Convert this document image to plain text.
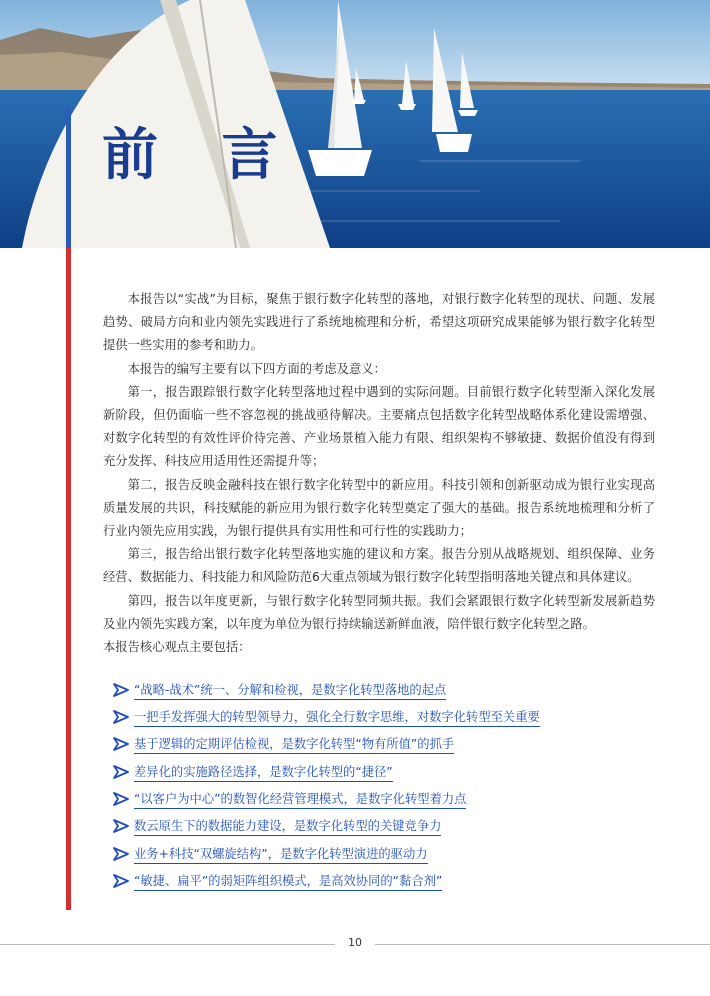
前 言

本报告以“实战”为目标，聚焦于银行数字化转型的落地，对银行数字化转型的现状、问题、发展趋势、破局方向和业内领先实践进行了系统地梳理和分析，希望这项研究成果能够为银行数字化转型提供一些实用的参考和助力。

本报告的编写主要有以下四方面的考虑及意义：

第一，报告跟踪银行数字化转型落地过程中遇到的实际问题。目前银行数字化转型渐入深化发展新阶段，但仍面临一些不容忽视的挑战亟待解决。主要痛点包括数字化转型战略体系化建设需增强、对数字化转型的有效性评价待完善、产业场景植入能力有限、组织架构不够敏捷、数据价值没有得到充分发挥、科技应用适用性还需提升等；

第二，报告反映金融科技在银行数字化转型中的新应用。科技引领和创新驱动成为银行业实现高质量发展的共识，科技赋能的新应用为银行数字化转型奠定了强大的基础。报告系统地梳理和分析了行业内领先应用实践，为银行提供具有实用性和可行性的实践助力；

第三，报告给出银行数字化转型落地实施的建议和方案。报告分别从战略规划、组织保障、业务经营、数据能力、科技能力和风险防范6大重点领域为银行数字化转型指明落地关键点和具体建议。

第四，报告以年度更新，与银行数字化转型同频共振。我们会紧跟银行数字化转型新发展新趋势及业内领先实践方案，以年度为单位为银行持续输送新鲜血液，陪伴银行数字化转型之路。

本报告核心观点主要包括：

“战略-战术”统一、分解和检视，是数字化转型落地的起点
一把手发挥强大的转型领导力，强化全行数字思维，对数字化转型至关重要
基于逻辑的定期评估检视，是数字化转型“物有所值”的抓手
差异化的实施路径选择，是数字化转型的“捷径”
“以客户为中心”的数智化经营管理模式，是数字化转型着力点
数云原生下的数据能力建设，是数字化转型的关键竞争力
业务+科技“双螺旋结构”，是数字化转型演进的驱动力
“敏捷、扁平”的弱矩阵组织模式，是高效协同的“黏合剂”
10
